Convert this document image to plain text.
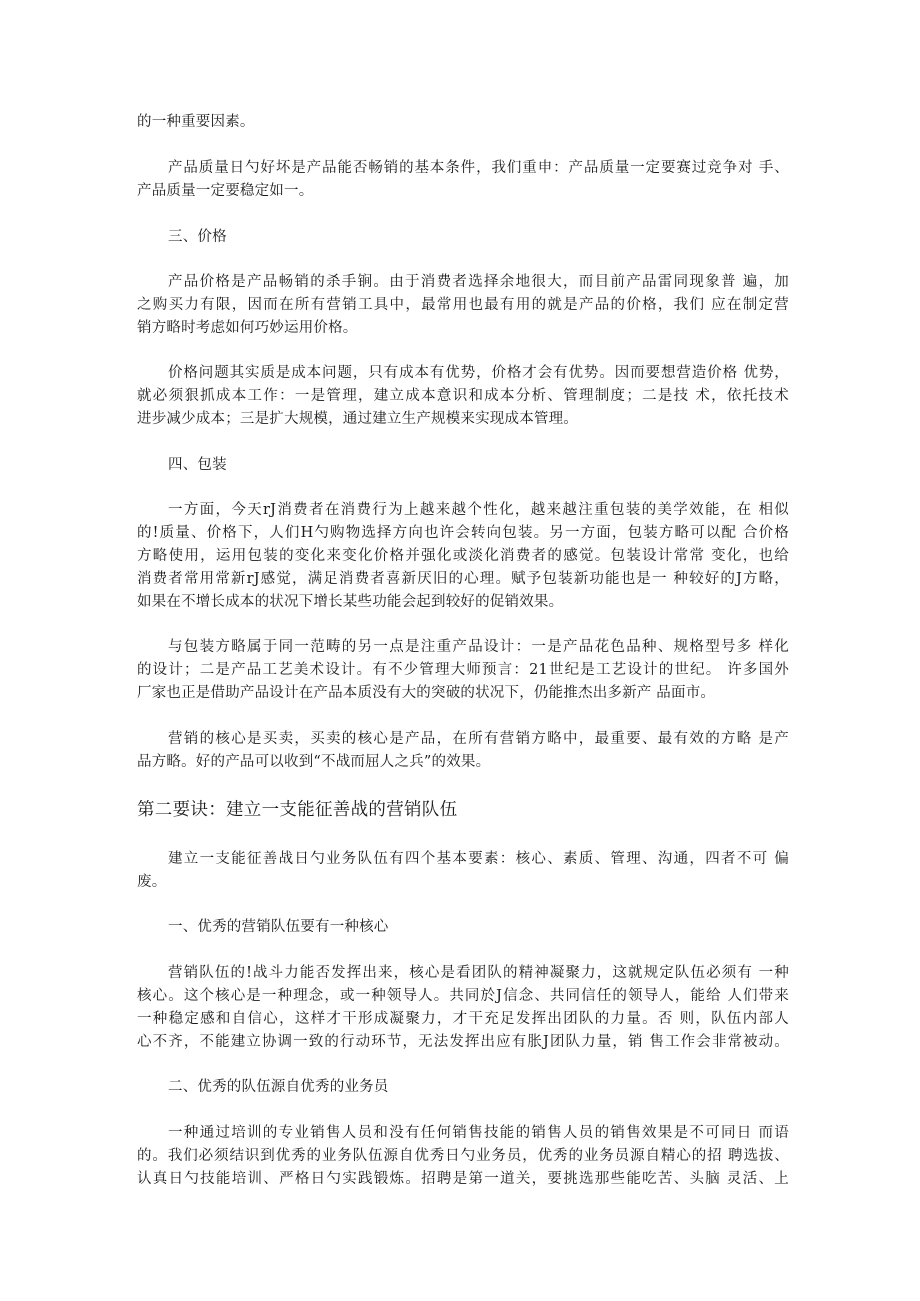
的一种重要因素。
产品质量日勺好坏是产品能否畅销的基本条件，我们重申：产品质量一定要赛过竞争对 手、
产品质量一定要稳定如一。
三、价格
产品价格是产品畅销的杀手锏。由于消费者选择余地很大，而目前产品雷同现象普 遍，加
之购买力有限，因而在所有营销工具中，最常用也最有用的就是产品的价格，我们 应在制定营
销方略时考虑如何巧妙运用价格。
价格问题其实质是成本问题，只有成本有优势，价格才会有优势。因而要想营造价格 优势，
就必须狠抓成本工作：一是管理，建立成本意识和成本分析、管理制度；二是技 术，依托技术
进步减少成本；三是扩大规模，通过建立生产规模来实现成本管理。
四、包装
一方面，今天rJ消费者在消费行为上越来越个性化，越来越注重包装的美学效能，在 相似
的!质量、价格下，人们H勺购物选择方向也许会转向包装。另一方面，包装方略可以配 合价格
方略使用，运用包装的变化来变化价格并强化或淡化消费者的感觉。包装设计常常 变化，也给
消费者常用常新rJ感觉，满足消费者喜新厌旧的心理。赋予包装新功能也是一 种较好的J方略，
如果在不增长成本的状况下增长某些功能会起到较好的促销效果。
与包装方略属于同一范畴的另一点是注重产品设计：一是产品花色品种、规格型号多 样化
的设计；二是产品工艺美术设计。有不少管理大师预言：21世纪是工艺设计的世纪。 许多国外
厂家也正是借助产品设计在产品本质没有大的突破的状况下，仍能推杰出多新产 品面市。
营销的核心是买卖，买卖的核心是产品，在所有营销方略中，最重要、最有效的方略 是产
品方略。好的产品可以收到“不战而屈人之兵”的效果。
第二要诀：建立一支能征善战的营销队伍
建立一支能征善战日勺业务队伍有四个基本要素：核心、素质、管理、沟通，四者不可 偏
废。
一、优秀的营销队伍要有一种核心
营销队伍的!战斗力能否发挥出来，核心是看团队的精神凝聚力，这就规定队伍必须有 一种
核心。这个核心是一种理念，或一种领导人。共同於J信念、共同信任的领导人，能给 人们带来
一种稳定感和自信心，这样才干形成凝聚力，才干充足发挥出团队的力量。否 则，队伍内部人
心不齐，不能建立协调一致的行动环节，无法发挥出应有胀J团队力量，销 售工作会非常被动。
二、优秀的队伍源自优秀的业务员
一种通过培训的专业销售人员和没有任何销售技能的销售人员的销售效果是不可同日 而语
的。我们必须结识到优秀的业务队伍源自优秀日勺业务员，优秀的业务员源自精心的招 聘选拔、
认真日勺技能培训、严格日勺实践锻炼。招聘是第一道关，要挑选那些能吃苦、头脑 灵活、上
